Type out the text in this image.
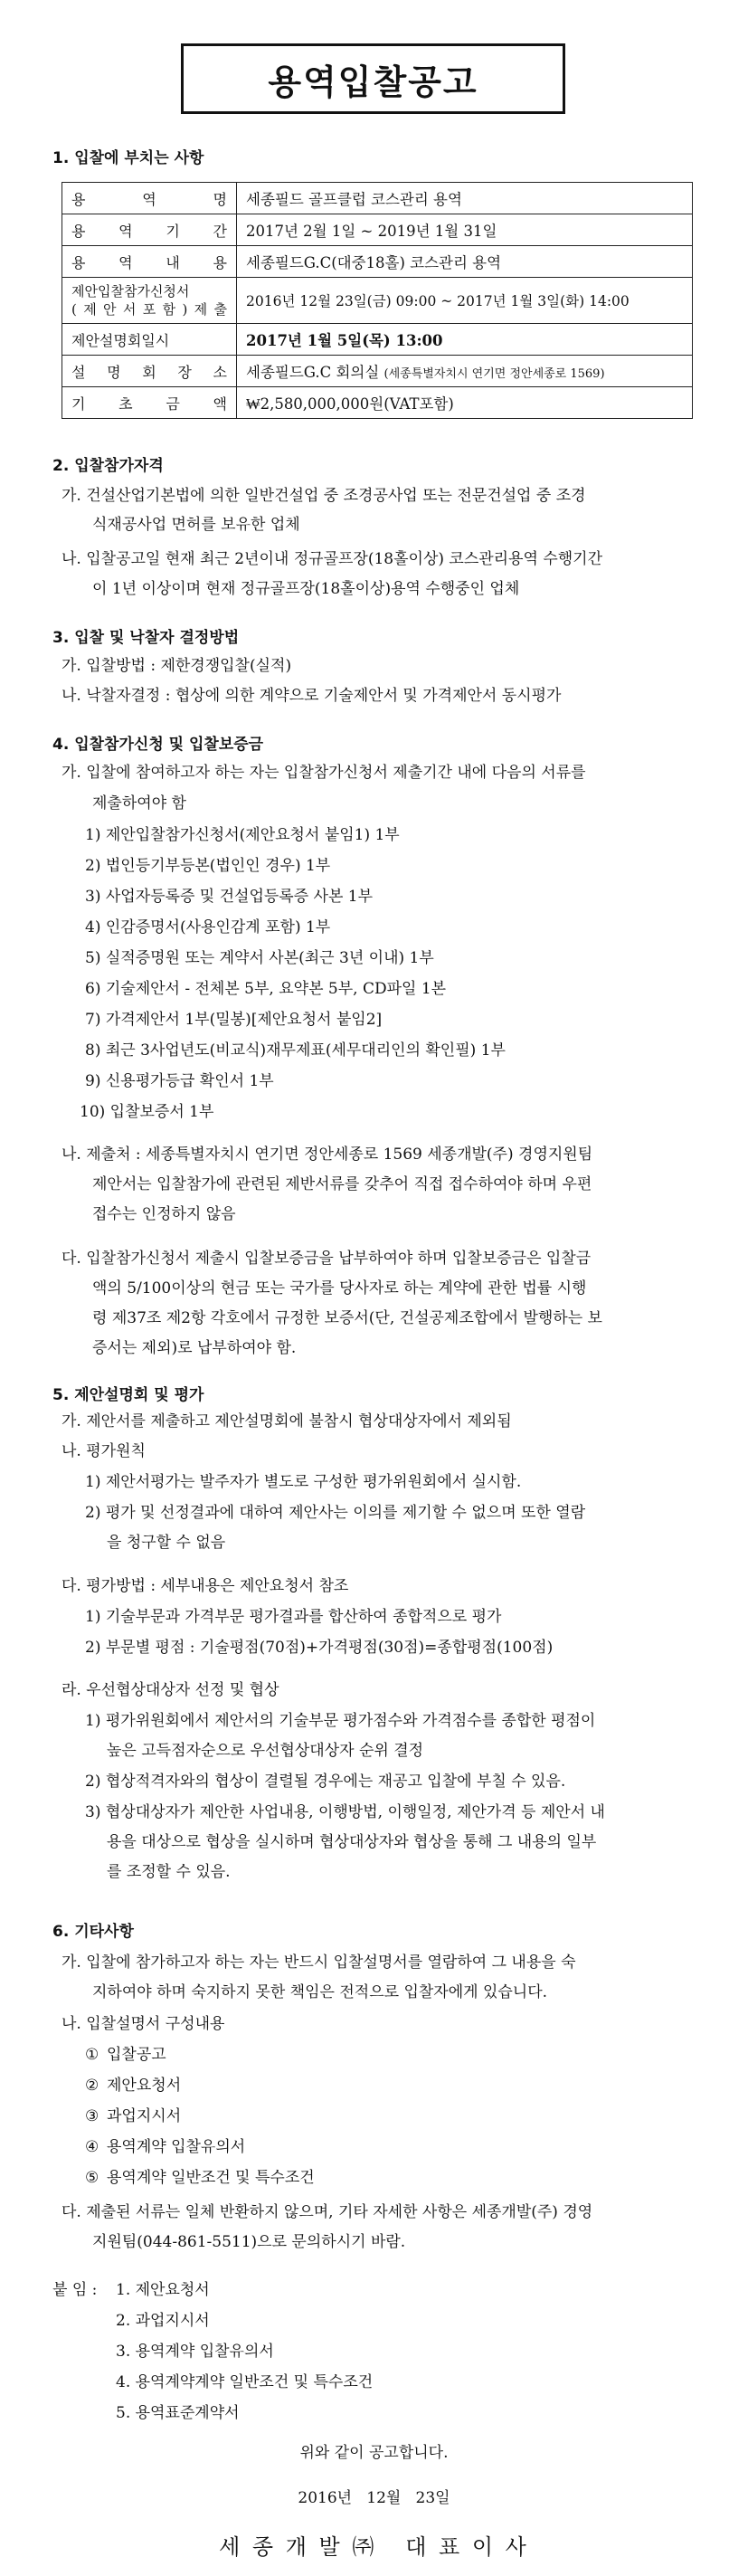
용역입찰공고
1. 입찰에 부치는 사항
용 역 명	세종필드 골프클럽 코스관리 용역
용 역 기 간	2017년 2월 1일 ~ 2019년 1월 31일
용 역 내 용	세종필드G.C(대중18홀) 코스관리 용역

제안입찰참가신청서
( 제 안 서 포 함 ) 제 출	2016년 12월 23일(금) 09:00 ~ 2017년 1월 3일(화) 14:00
제안설명회일시	2017년 1월 5일(목) 13:00
설 명 회 장 소	세종필드G.C 회의실 (세종특별자치시 연기면 정안세종로 1569)
기 초 금 액	₩2,580,000,000원(VAT포함)
2. 입찰참가자격
가. 건설산업기본법에 의한 일반건설업 중 조경공사업 또는 전문건설업 중 조경
식재공사업 면허를 보유한 업체
나. 입찰공고일 현재 최근 2년이내 정규골프장(18홀이상) 코스관리용역 수행기간
이 1년 이상이며 현재 정규골프장(18홀이상)용역 수행중인 업체
3. 입찰 및 낙찰자 결정방법
가. 입찰방법 : 제한경쟁입찰(실적)
나. 낙찰자결정 : 협상에 의한 계약으로 기술제안서 및 가격제안서 동시평가
4. 입찰참가신청 및 입찰보증금
가. 입찰에 참여하고자 하는 자는 입찰참가신청서 제출기간 내에 다음의 서류를
제출하여야 함
1) 제안입찰참가신청서(제안요청서 붙임1) 1부
2) 법인등기부등본(법인인 경우) 1부
3) 사업자등록증 및 건설업등록증 사본 1부
4) 인감증명서(사용인감계 포함) 1부
5) 실적증명원 또는 계약서 사본(최근 3년 이내) 1부
6) 기술제안서 - 전체본 5부, 요약본 5부, CD파일 1본
7) 가격제안서 1부(밀봉)[제안요청서 붙임2]
8) 최근 3사업년도(비교식)재무제표(세무대리인의 확인필) 1부
9) 신용평가등급 확인서 1부
10) 입찰보증서 1부
나. 제출처 : 세종특별자치시 연기면 정안세종로 1569 세종개발(주) 경영지원팀
제안서는 입찰참가에 관련된 제반서류를 갖추어 직접 접수하여야 하며 우편
접수는 인정하지 않음
다. 입찰참가신청서 제출시 입찰보증금을 납부하여야 하며 입찰보증금은 입찰금
액의 5/100이상의 현금 또는 국가를 당사자로 하는 계약에 관한 법률 시행
령 제37조 제2항 각호에서 규정한 보증서(단, 건설공제조합에서 발행하는 보
증서는 제외)로 납부하여야 함.
5. 제안설명회 및 평가
가. 제안서를 제출하고 제안설명회에 불참시 협상대상자에서 제외됨
나. 평가원칙
1) 제안서평가는 발주자가 별도로 구성한 평가위원회에서 실시함.
2) 평가 및 선정결과에 대하여 제안사는 이의를 제기할 수 없으며 또한 열람
을 청구할 수 없음
다. 평가방법 : 세부내용은 제안요청서 참조
1) 기술부문과 가격부문 평가결과를 합산하여 종합적으로 평가
2) 부문별 평점 : 기술평점(70점)+가격평점(30점)=종합평점(100점)
라. 우선협상대상자 선정 및 협상
1) 평가위원회에서 제안서의 기술부문 평가점수와 가격점수를 종합한 평점이
높은 고득점자순으로 우선협상대상자 순위 결정
2) 협상적격자와의 협상이 결렬될 경우에는 재공고 입찰에 부칠 수 있음.
3) 협상대상자가 제안한 사업내용, 이행방법, 이행일정, 제안가격 등 제안서 내
용을 대상으로 협상을 실시하며 협상대상자와 협상을 통해 그 내용의 일부
를 조정할 수 있음.
6. 기타사항
가. 입찰에 참가하고자 하는 자는 반드시 입찰설명서를 열람하여 그 내용을 숙
지하여야 하며 숙지하지 못한 책임은 전적으로 입찰자에게 있습니다.
나. 입찰설명서 구성내용
① 입찰공고
② 제안요청서
③ 과업지시서
④ 용역계약 입찰유의서
⑤ 용역계약 일반조건 및 특수조건
다. 제출된 서류는 일체 반환하지 않으며, 기타 자세한 사항은 세종개발(주) 경영
지원팀(044-861-5511)으로 문의하시기 바람.
붙 임 : 1. 제안요청서
2. 과업지시서
3. 용역계약 입찰유의서
4. 용역계약계약 일반조건 및 특수조건
5. 용역표준계약서
위와 같이 공고합니다.
2016년   12월   23일
세 종 개 발 ㈜   대 표 이 사
